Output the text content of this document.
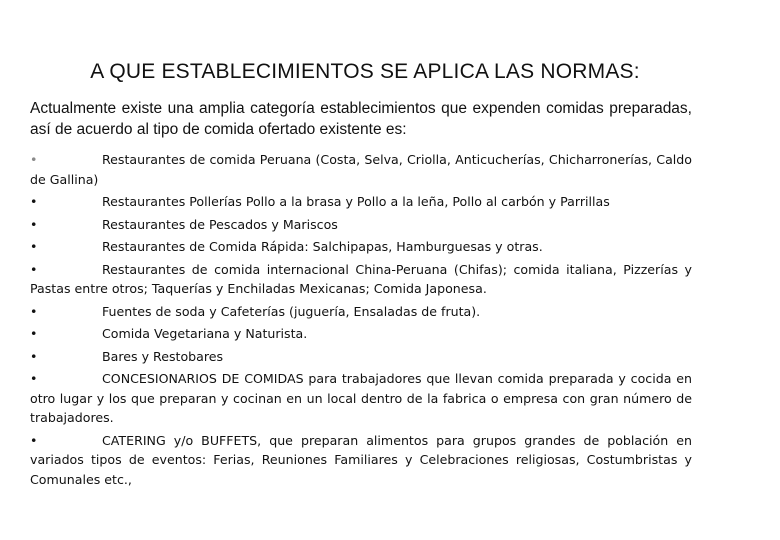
A QUE ESTABLECIMIENTOS SE APLICA LAS NORMAS:

Actualmente existe una amplia categoría establecimientos que expenden comidas preparadas, así de acuerdo al tipo de comida ofertado existente es:

•	Restaurantes de comida Peruana (Costa, Selva, Criolla, Anticucherías, Chicharronerías, Caldo de Gallina)
•	Restaurantes Pollerías Pollo a la brasa y Pollo a la leña, Pollo al carbón y Parrillas
•	Restaurantes de Pescados y Mariscos
•	Restaurantes de Comida Rápida: Salchipapas, Hamburguesas y otras.
•	Restaurantes de comida internacional China-Peruana (Chifas); comida italiana, Pizzerías y Pastas entre otros; Taquerías y Enchiladas Mexicanas; Comida Japonesa.
•	Fuentes de soda y Cafeterías (juguería, Ensaladas de fruta).
•	Comida Vegetariana y Naturista.
•	Bares y Restobares
•	CONCESIONARIOS DE COMIDAS para trabajadores que llevan comida preparada y cocida en otro lugar y los que preparan y cocinan en un local dentro de la fabrica o empresa con gran número de trabajadores.
•	CATERING y/o BUFFETS, que preparan alimentos para grupos grandes de población en variados tipos de eventos: Ferias, Reuniones Familiares y Celebraciones religiosas, Costumbristas y Comunales etc.,
